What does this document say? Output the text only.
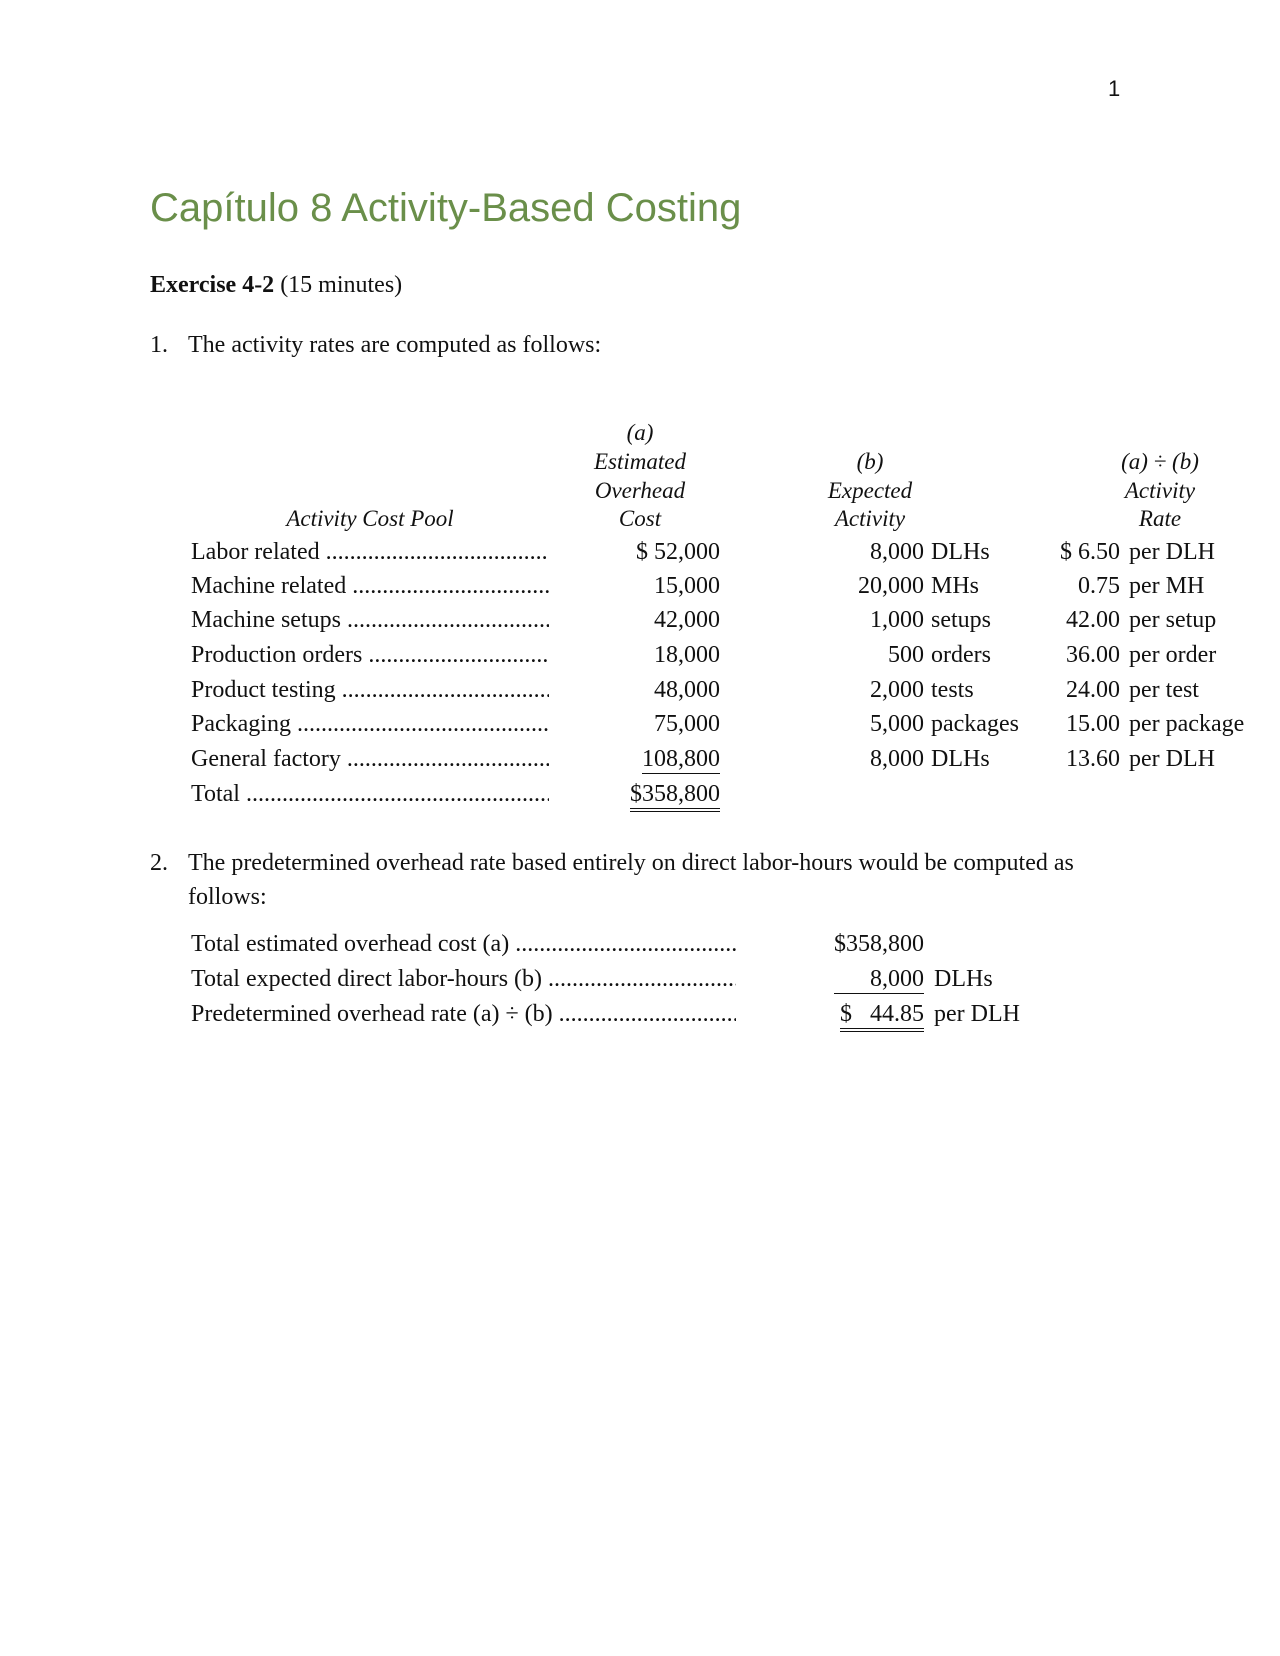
1
Capítulo 8 Activity-Based Costing
Exercise 4-2 (15 minutes)
1. The activity rates are computed as follows:
(a)
Estimated
Overhead
Cost
(b)
Expected
Activity
(a) ÷ (b)
Activity
Rate
Activity Cost Pool
Labor related .....	$ 52,000	8,000 DLHs	$ 6.50 per DLH
Machine related .....	15,000	20,000 MHs	0.75 per MH
Machine setups .....	42,000	1,000 setups	42.00 per setup
Production orders .....	18,000	500 orders	36.00 per order
Product testing .....	48,000	2,000 tests	24.00 per test
Packaging .....	75,000	5,000 packages 15.00 per package
General factory .....	108,800	8,000 DLHs	13.60 per DLH
Total .....	$358,800
2. The predetermined overhead rate based entirely on direct labor-hours would be computed as
follows:
Total estimated overhead cost (a) .....	$358,800
Total expected direct labor-hours (b) .....	8,000 DLHs
Predetermined overhead rate (a) ÷ (b) .....	$   44.85 per DLH
